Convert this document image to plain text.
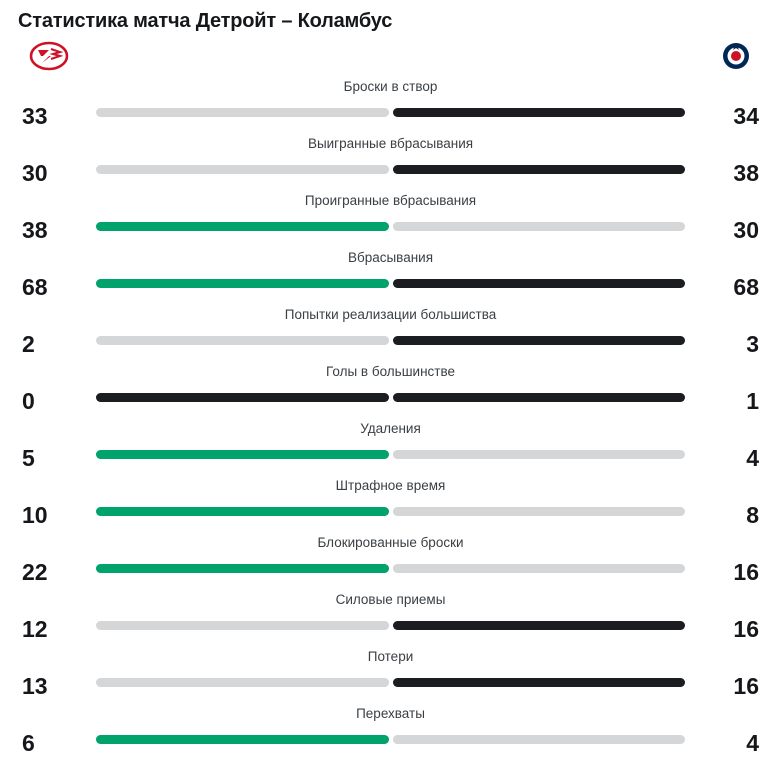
Статистика матча Детройт – Коламбус
Броски в створ
33	34
Выигранные вбрасывания
30	38
Проигранные вбрасывания
38	30
Вбрасывания
68	68
Попытки реализации большиства
2	3
Голы в большинстве
0	1
Удаления
5	4
Штрафное время
10	8
Блокированные броски
22	16
Силовые приемы
12	16
Потери
13	16
Перехваты
6	4
